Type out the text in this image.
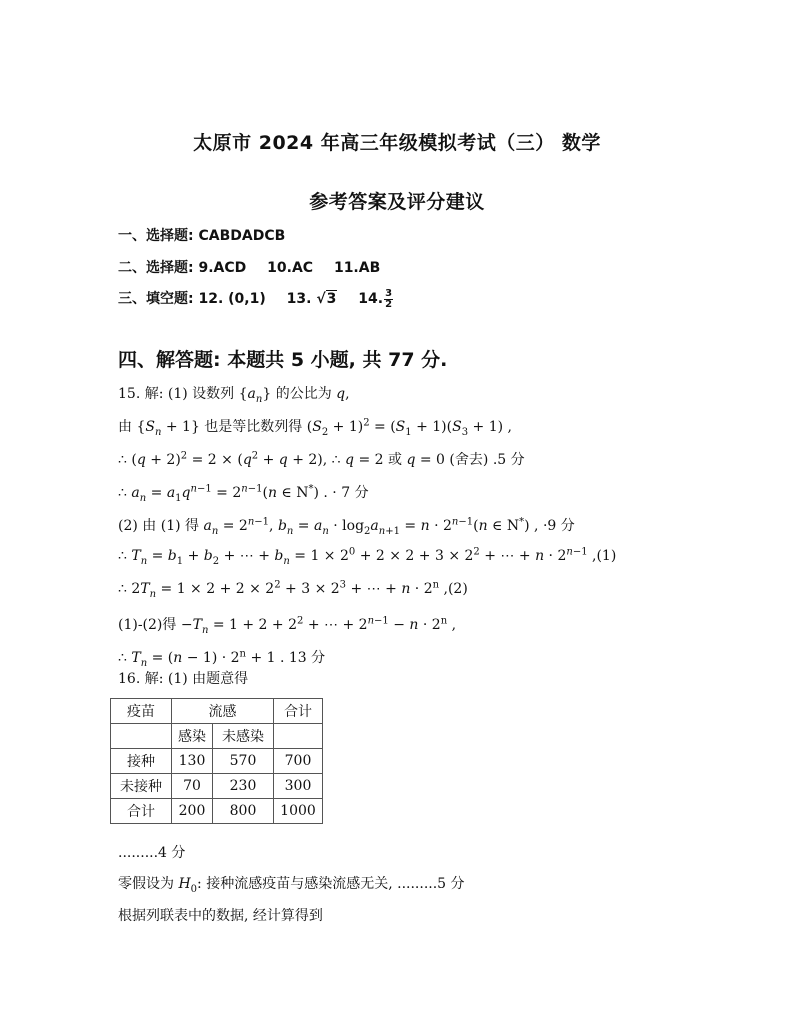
太原市 2024 年高三年级模拟考试（三） 数学
参考答案及评分建议
一、选择题: CABDADCB
二、选择题: 9.ACD 10.AC 11.AB
三、填空题: 12. (0,1) 13. √3 14. $\frac{3}{2}$
四、解答题: 本题共 5 小题, 共 77 分.
15. 解: (1) 设数列 $\{a_n\}$ 的公比为 q,
由 $\{S_n + 1\}$ 也是等比数列得 $(S_2 + 1)^2 = (S_1 + 1)(S_3 + 1)$ ,
∴ $(q + 2)^2 = 2 \times (q^2 + q + 2)$, ∴ q = 2 或 q = 0 (舍去) .5 分
∴ $a_n = a_1q^{n-1} = 2^{n-1}(n$ ∈ N*) . · 7 分
(2) 由 (1) 得 $a_n = 2^{n-1}$, $b_n = a_n \cdot \log_2a_{n+1} = n \cdot 2^{n-1}(n$ ∈ N*) , ·9 分
∴ $T_n = b_1 + b_2$ + ⋯ + $b_n = 1 \times 2^0 + 2 \times 2 + 3 \times 2^2$ + ⋯ + $n \cdot 2^{n-1}$ ,(1)
∴ $2T_n = 1 \times 2 + 2 \times 2^2 + 3 \times 2^3$ + ⋯ + $n \cdot 2^n$ ,(2)
(1)-(2)得 $-T_n = 1 + 2 + 2^2$ + ⋯ + $2^{n-1} - n \cdot 2^n$ ,
∴ $T_n = (n - 1) \cdot 2^n + 1$ . 13 分
16. 解: (1) 由题意得
疫苗	流感		合计
	感染	未感染	
接种	130	570	700
未接种	70	230	300
合计	200	800	1000
.........4 分
零假设为 $H_0$: 接种流感疫苗与感染流感无关, .........5 分
根据列联表中的数据, 经计算得到
